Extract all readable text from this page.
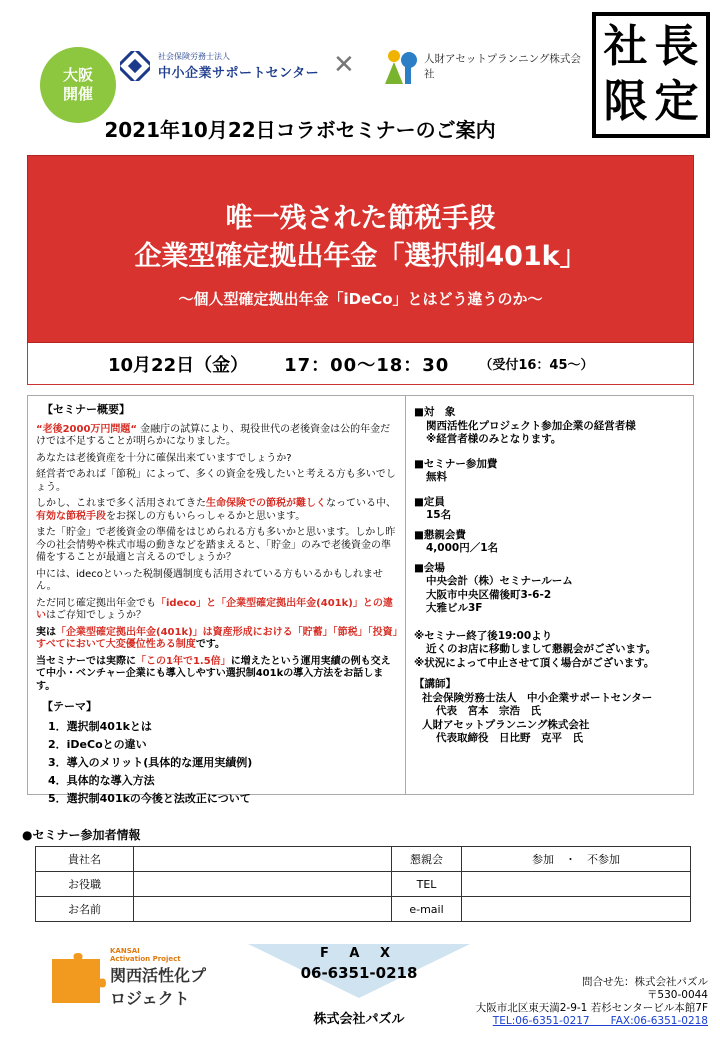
大阪
開催
社会保険労務士法人
中小企業サポートセンター ✕	人財アセットプランニング株式会社
社 長
限 定
2021年10月22日コラボセミナーのご案内
唯一残された節税手段
企業型確定拠出年金「選択制401k」
～個人型確定拠出年金「iDeCo」とはどう違うのか～
10月22日（金） 17：00～18：30 （受付16：45～）
【セミナー概要】
“老後2000万円問題“ 金融庁の試算により、現役世代の老後資金は公的年金だけでは不足することが明らかになりました。
あなたは老後資産を十分に確保出来ていますでしょうか?
経営者であれば「節税」によって、多くの資金を残したいと考える方も多いでしょう。
しかし、これまで多く活用されてきた生命保険での節税が難しくなっている中、有効な節税手段をお探しの方もいらっしゃるかと思います。
また「貯金」で老後資金の準備をはじめられる方も多いかと思います。しかし昨今の社会情勢や株式市場の動きなどを踏まえると、「貯金」のみで老後資金の準備をすることが最適と言えるのでしょうか？
中には、idecoといった税制優遇制度も活用されている方もいるかもしれません。
ただ同じ確定拠出年金でも「ideco」と「企業型確定拠出年金(401k)」との違いはご存知でしょうか？
実は「企業型確定拠出年金(401k)」は資産形成における「貯蓄」「節税」「投資」すべてにおいて大変優位性ある制度です。
当セミナーでは実際に「この1年で1.5倍」に増えたという運用実績の例も交えて中小・ベンチャー企業にも導入しやすい選択制401kの導入方法をお話します。
【テーマ】
1．選択制401kとは
2．iDeCoとの違い
3．導入のメリット(具体的な運用実績例)
4．具体的な導入方法
5．選択制401kの今後と法改正について
■対　象
関西活性化プロジェクト参加企業の経営者様
※経営者様のみとなります。
■セミナー参加費
無料
■定員
15名
■懇親会費
4,000円／1名
■会場
中央会計（株）セミナールーム
大阪市中央区備後町3-6-2
大雅ビル3F
※セミナー終了後19:00より
近くのお店に移動しまして懇親会がございます。
※状況によって中止させて頂く場合がございます。
【講師】
社会保険労務士法人　中小企業サポートセンター
代表　宮本　宗浩　氏
人財アセットプランニング株式会社
代表取締役　日比野　克平　氏
●セミナー参加者情報
貴社名		懇親会	参加　・　不参加
お役職		TEL	
お名前		e-mail	
KANSAI
Activation Project
関西活性化プロジェクト
F A X
06-6351-0218
株式会社パズル
問合せ先：株式会社パズル
〒530-0044
大阪市北区東天満2-9-1 若杉センタービル本館7F
TEL:06-6351-0217　　FAX:06-6351-0218
